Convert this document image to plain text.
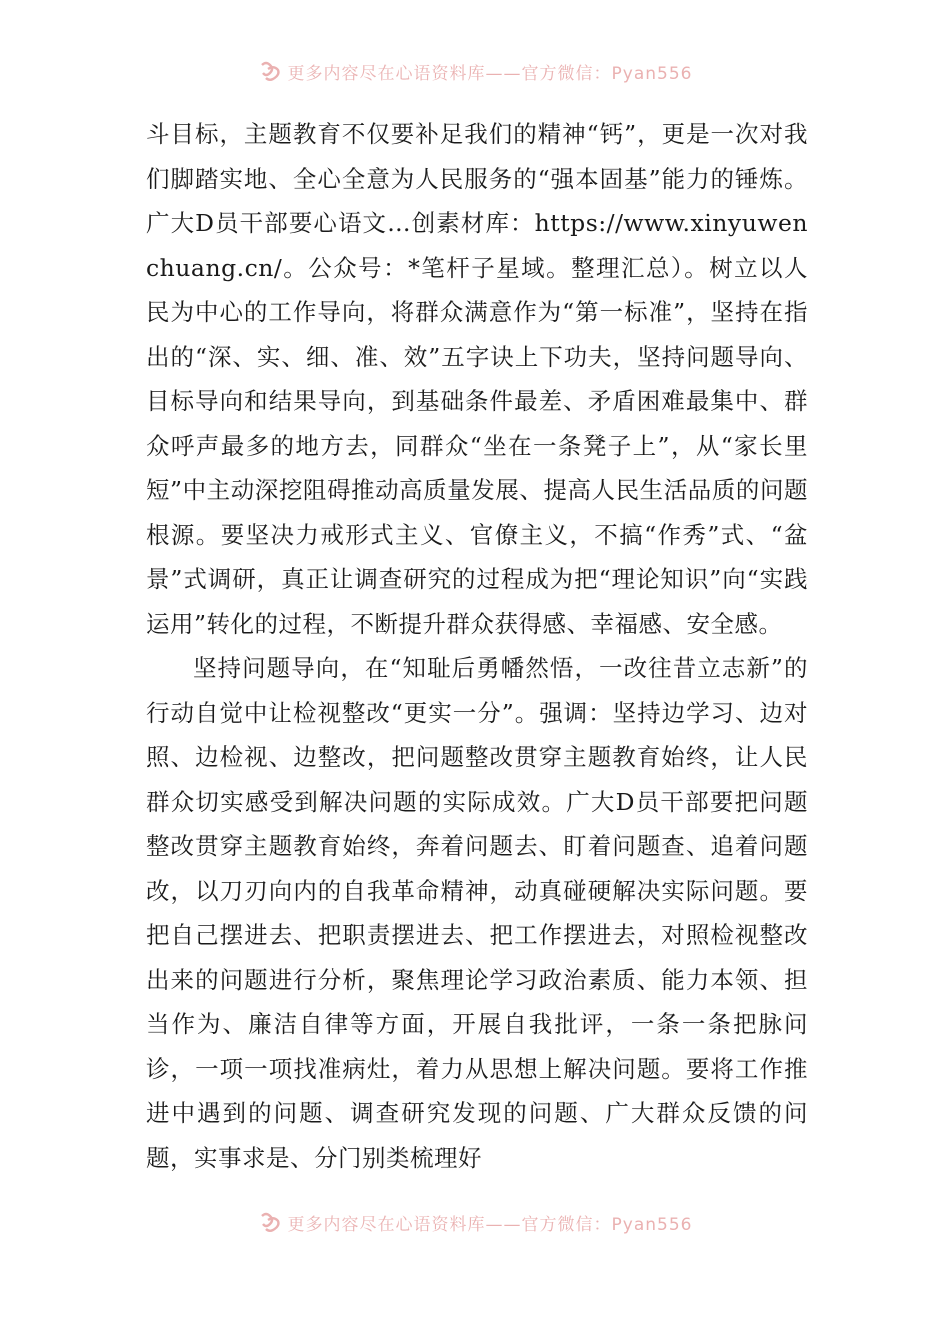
更多内容尽在心语资料库——官方微信：Pyan556

斗目标，主题教育不仅要补足我们的精神“钙”，更是一次对我们脚踏实地、全心全意为人民服务的“强本固基”能力的锤炼。广大D员干部要心语文…创素材库：https://www.xinyuwenchuang.cn/。公众号：*笔杆子星域。整理汇总）。树立以人民为中心的工作导向，将群众满意作为“第一标准”，坚持在指出的“深、实、细、准、效”五字诀上下功夫，坚持问题导向、目标导向和结果导向，到基础条件最差、矛盾困难最集中、群众呼声最多的地方去，同群众“坐在一条凳子上”，从“家长里短”中主动深挖阻碍推动高质量发展、提高人民生活品质的问题根源。要坚决力戒形式主义、官僚主义，不搞“作秀”式、“盆景”式调研，真正让调查研究的过程成为把“理论知识”向“实践运用”转化的过程，不断提升群众获得感、幸福感、安全感。

坚持问题导向，在“知耻后勇幡然悟，一改往昔立志新”的行动自觉中让检视整改“更实一分”。强调：坚持边学习、边对照、边检视、边整改，把问题整改贯穿主题教育始终，让人民群众切实感受到解决问题的实际成效。广大D员干部要把问题整改贯穿主题教育始终，奔着问题去、盯着问题查、追着问题改，以刀刃向内的自我革命精神，动真碰硬解决实际问题。要把自己摆进去、把职责摆进去、把工作摆进去，对照检视整改出来的问题进行分析，聚焦理论学习政治素质、能力本领、担当作为、廉洁自律等方面，开展自我批评，一条一条把脉问诊，一项一项找准病灶，着力从思想上解决问题。要将工作推进中遇到的问题、调查研究发现的问题、广大群众反馈的问题，实事求是、分门别类梳理好

更多内容尽在心语资料库——官方微信：Pyan556
